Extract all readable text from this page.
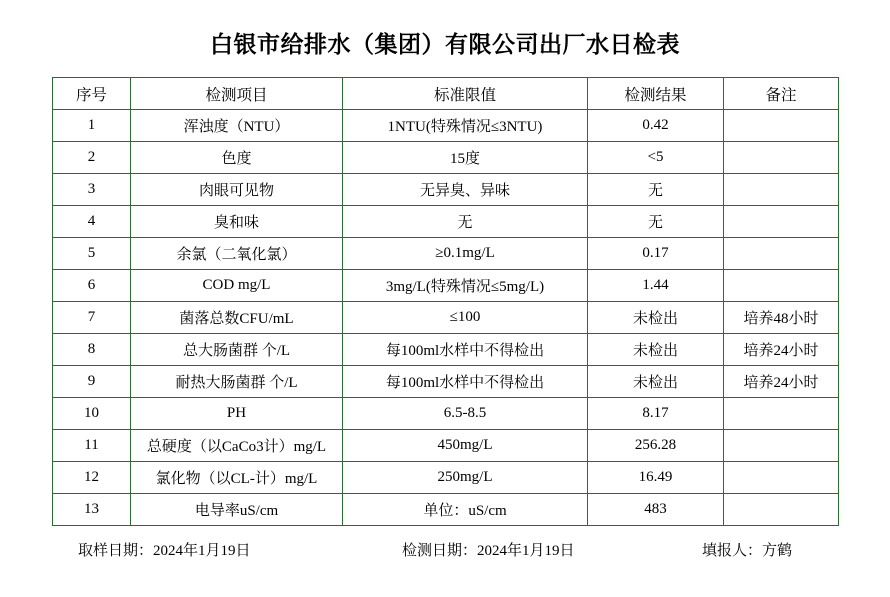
白银市给排水（集团）有限公司出厂水日检表
序号	检测项目	标准限值	检测结果	备注
1	浑浊度（NTU）	1NTU(特殊情况≤3NTU)	0.42	
2	色度	15度	<5	
3	肉眼可见物	无异臭、异味	无	
4	臭和味	无	无	
5	余氯（二氧化氯）	≥0.1mg/L	0.17	
6	COD mg/L	3mg/L(特殊情况≤5mg/L)	1.44	
7	菌落总数CFU/mL	≤100	未检出	培养48小时
8	总大肠菌群 个/L	每100ml水样中不得检出	未检出	培养24小时
9	耐热大肠菌群 个/L	每100ml水样中不得检出	未检出	培养24小时
10	PH	6.5-8.5	8.17	
11	总硬度（以CaCo3计）mg/L	450mg/L	256.28	
12	氯化物（以CL-计）mg/L	250mg/L	16.49	
13	电导率uS/cm	单位：uS/cm	483	
取样日期：2024年1月19日	检测日期：2024年1月19日	填报人：方鹤
